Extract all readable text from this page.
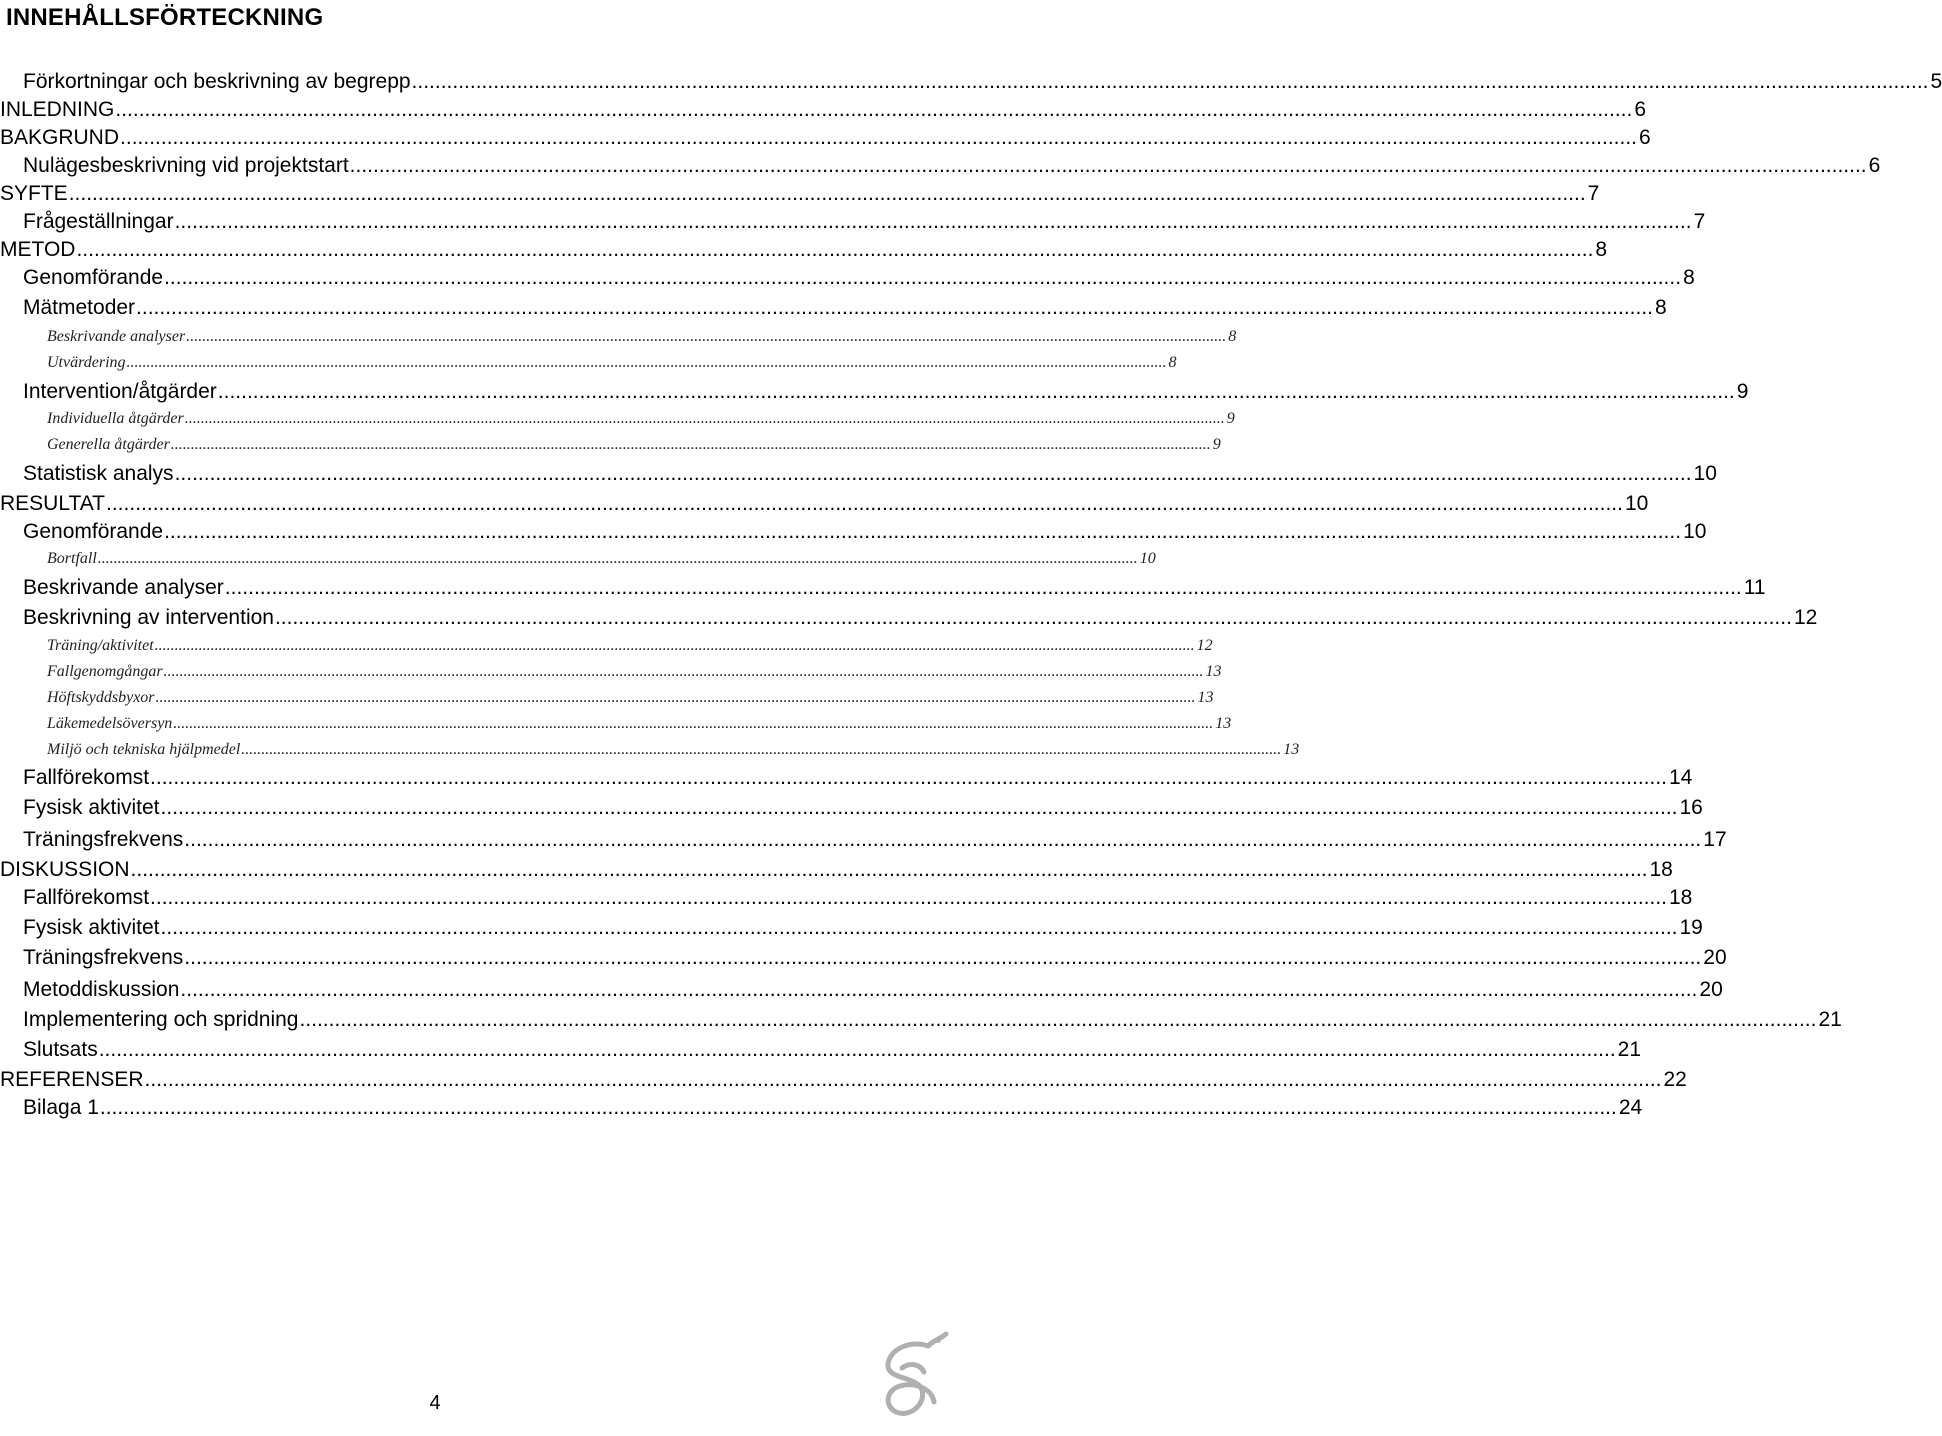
INNEHÅLLSFÖRTECKNING
Förkortningar och beskrivning av begrepp .................................................................................................................................................................................................................................................................... 5
INLEDNING .................................................................................................................................................................................................................................................................... 6
BAKGRUND .................................................................................................................................................................................................................................................................... 6
Nulägesbeskrivning vid projektstart .................................................................................................................................................................................................................................................................... 6
SYFTE .................................................................................................................................................................................................................................................................... 7
Frågeställningar .................................................................................................................................................................................................................................................................... 7
METOD .................................................................................................................................................................................................................................................................... 8
Genomförande .................................................................................................................................................................................................................................................................... 8
Mätmetoder .................................................................................................................................................................................................................................................................... 8
Beskrivande analyser .................................................................................................................................................................................................................................................................... 8
Utvärdering .................................................................................................................................................................................................................................................................... 8
Intervention/åtgärder .................................................................................................................................................................................................................................................................... 9
Individuella åtgärder .................................................................................................................................................................................................................................................................... 9
Generella åtgärder .................................................................................................................................................................................................................................................................... 9
Statistisk analys .................................................................................................................................................................................................................................................................... 10
RESULTAT .................................................................................................................................................................................................................................................................... 10
Genomförande .................................................................................................................................................................................................................................................................... 10
Bortfall .................................................................................................................................................................................................................................................................... 10
Beskrivande analyser .................................................................................................................................................................................................................................................................... 11
Beskrivning av intervention .................................................................................................................................................................................................................................................................... 12
Träning/aktivitet .................................................................................................................................................................................................................................................................... 12
Fallgenomgångar .................................................................................................................................................................................................................................................................... 13
Höftskyddsbyxor .................................................................................................................................................................................................................................................................... 13
Läkemedelsöversyn .................................................................................................................................................................................................................................................................... 13
Miljö och tekniska hjälpmedel .................................................................................................................................................................................................................................................................... 13
Fallförekomst .................................................................................................................................................................................................................................................................... 14
Fysisk aktivitet .................................................................................................................................................................................................................................................................... 16
Träningsfrekvens .................................................................................................................................................................................................................................................................... 17
DISKUSSION .................................................................................................................................................................................................................................................................... 18
Fallförekomst .................................................................................................................................................................................................................................................................... 18
Fysisk aktivitet .................................................................................................................................................................................................................................................................... 19
Träningsfrekvens .................................................................................................................................................................................................................................................................... 20
Metoddiskussion .................................................................................................................................................................................................................................................................... 20
Implementering och spridning .................................................................................................................................................................................................................................................................... 21
Slutsats .................................................................................................................................................................................................................................................................... 21
REFERENSER .................................................................................................................................................................................................................................................................... 22
Bilaga 1 .................................................................................................................................................................................................................................................................... 24
4
